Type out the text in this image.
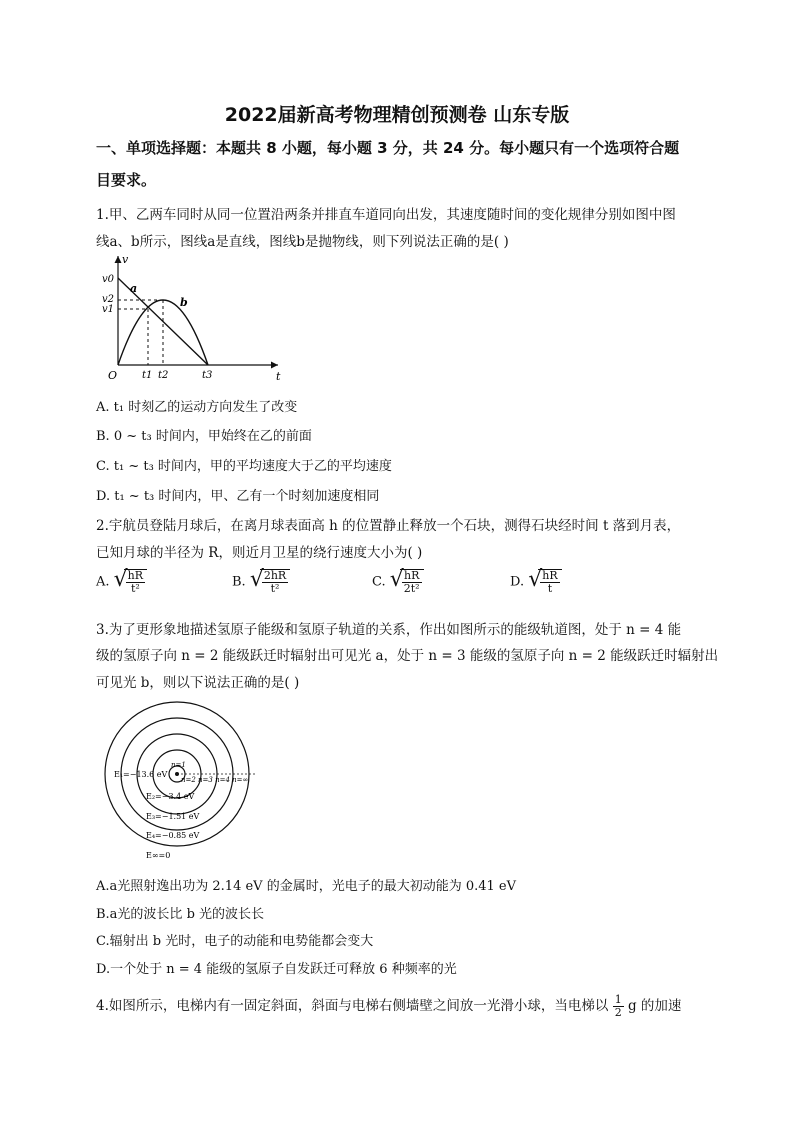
2022届新高考物理精创预测卷 山东专版
一、单项选择题：本题共 8 小题，每小题 3 分，共 24 分。每小题只有一个选项符合题
目要求。
1.甲、乙两车同时从同一位置沿两条并排直车道同向出发，其速度随时间的变化规律分别如图中图
线a、b所示，图线a是直线，图线b是抛物线，则下列说法正确的是( )
v
t
O
v0
v2
v1
t1 t2	t3
a
b
A. t₁ 时刻乙的运动方向发生了改变
B. 0 ~ t₃ 时间内，甲始终在乙的前面
C. t₁ ~ t₃ 时间内，甲的平均速度大于乙的平均速度
D. t₁ ~ t₃ 时间内，甲、乙有一个时刻加速度相同
2.宇航员登陆月球后，在离月球表面高 h 的位置静止释放一个石块，测得石块经时间 t 落到月表，
已知月球的半径为 R，则近月卫星的绕行速度大小为( )
A. √
$\frac{hR}{\text{t²}}$	B. √
$\frac{2hR}{\text{t²}}$	C. √
$\frac{hR}{\text{2t²}}$	D. √
$\frac{hR}{t}$
3.为了更形象地描述氢原子能级和氢原子轨道的关系，作出如图所示的能级轨道图，处于 n = 4 能
级的氢原子向 n = 2 能级跃迁时辐射出可见光 a，处于 n = 3 能级的氢原子向 n = 2 能级跃迁时辐射出
可见光 b，则以下说法正确的是( )
n=1
n=2 n=3 n=4 n=∞
E₁=−13.6 eV
E₂=−3.4 eV
E₃=−1.51 eV
E₄=−0.85 eV
E∞=0
A.a光照射逸出功为 2.14 eV 的金属时，光电子的最大初动能为 0.41 eV
B.a光的波长比 b 光的波长长
C.辐射出 b 光时，电子的动能和电势能都会变大
D.一个处于 n = 4 能级的氢原子自发跃迁可释放 6 种频率的光
4.如图所示，电梯内有一固定斜面，斜面与电梯右侧墙壁之间放一光滑小球，当电梯以 $\frac{1}{2}$ g 的加速
